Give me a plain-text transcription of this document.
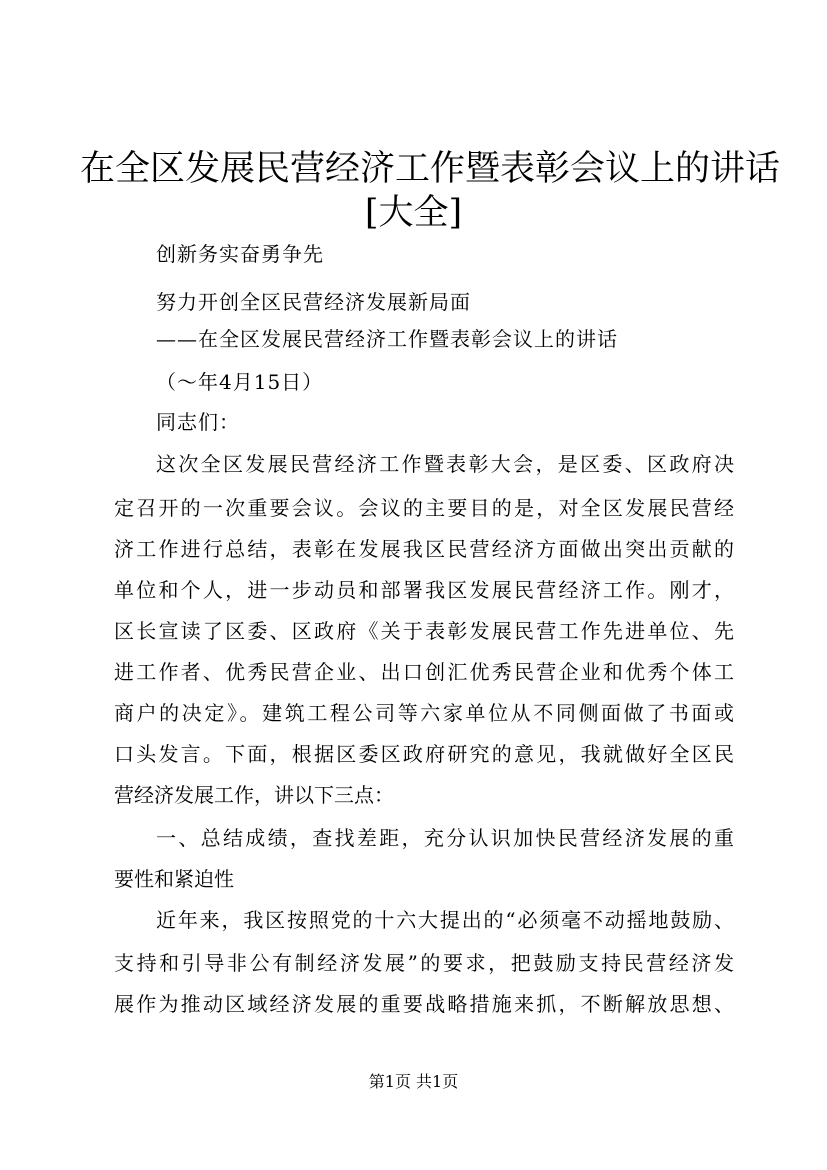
在全区发展民营经济工作暨表彰会议上的讲话
[大全]
创新务实奋勇争先
努力开创全区民营经济发展新局面
——在全区发展民营经济工作暨表彰会议上的讲话
（～年4月15日）
同志们：
这次全区发展民营经济工作暨表彰大会，是区委、区政府决
定召开的一次重要会议。会议的主要目的是，对全区发展民营经
济工作进行总结，表彰在发展我区民营经济方面做出突出贡献的
单位和个人，进一步动员和部署我区发展民营经济工作。刚才，
区长宣读了区委、区政府《关于表彰发展民营工作先进单位、先
进工作者、优秀民营企业、出口创汇优秀民营企业和优秀个体工
商户的决定》。建筑工程公司等六家单位从不同侧面做了书面或
口头发言。下面，根据区委区政府研究的意见，我就做好全区民
营经济发展工作，讲以下三点：
一、总结成绩，查找差距，充分认识加快民营经济发展的重
要性和紧迫性
近年来，我区按照党的十六大提出的“必须毫不动摇地鼓励、
支持和引导非公有制经济发展”的要求，把鼓励支持民营经济发
展作为推动区域经济发展的重要战略措施来抓，不断解放思想、
第1页 共1页
